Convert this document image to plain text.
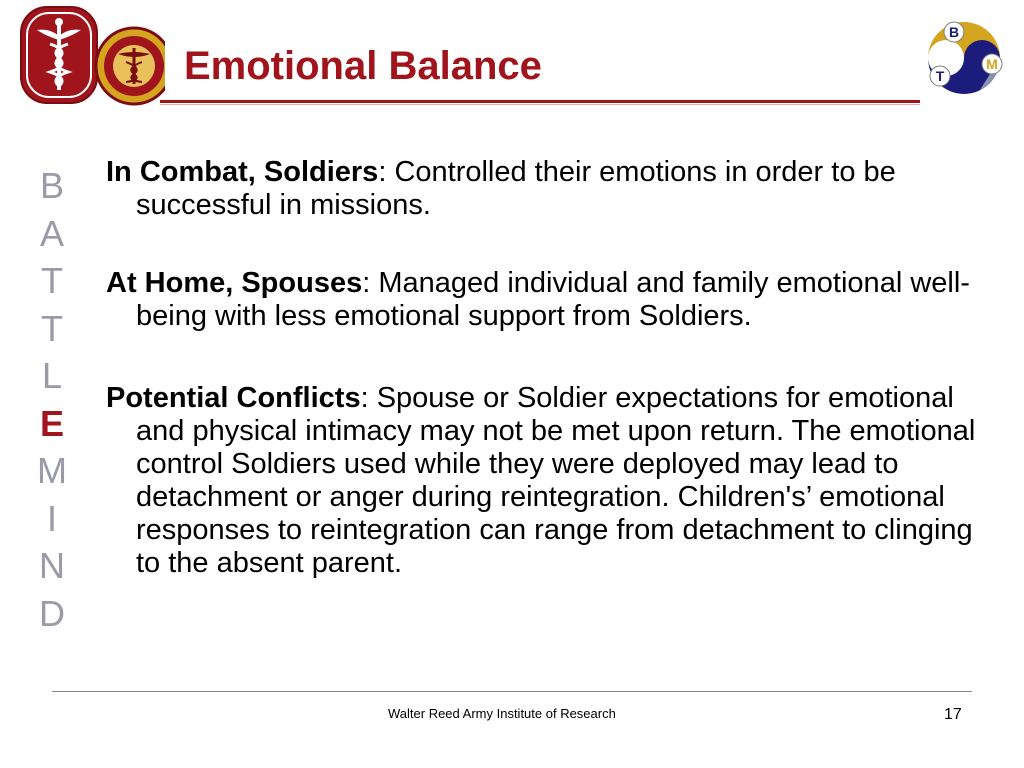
Emotional Balance
B
T
M
B
A
T
T
L
E
M
I
N
D

In Combat, Soldiers: Controlled their emotions in order to be successful in missions.

At Home, Spouses: Managed individual and family emotional well-being with less emotional support from Soldiers.

Potential Conflicts: Spouse or Soldier expectations for emotional and physical intimacy may not be met upon return. The emotional control Soldiers used while they were deployed may lead to detachment or anger during reintegration. Children's’ emotional responses to reintegration can range from detachment to clinging to the absent parent.

Walter Reed Army Institute of Research	17
